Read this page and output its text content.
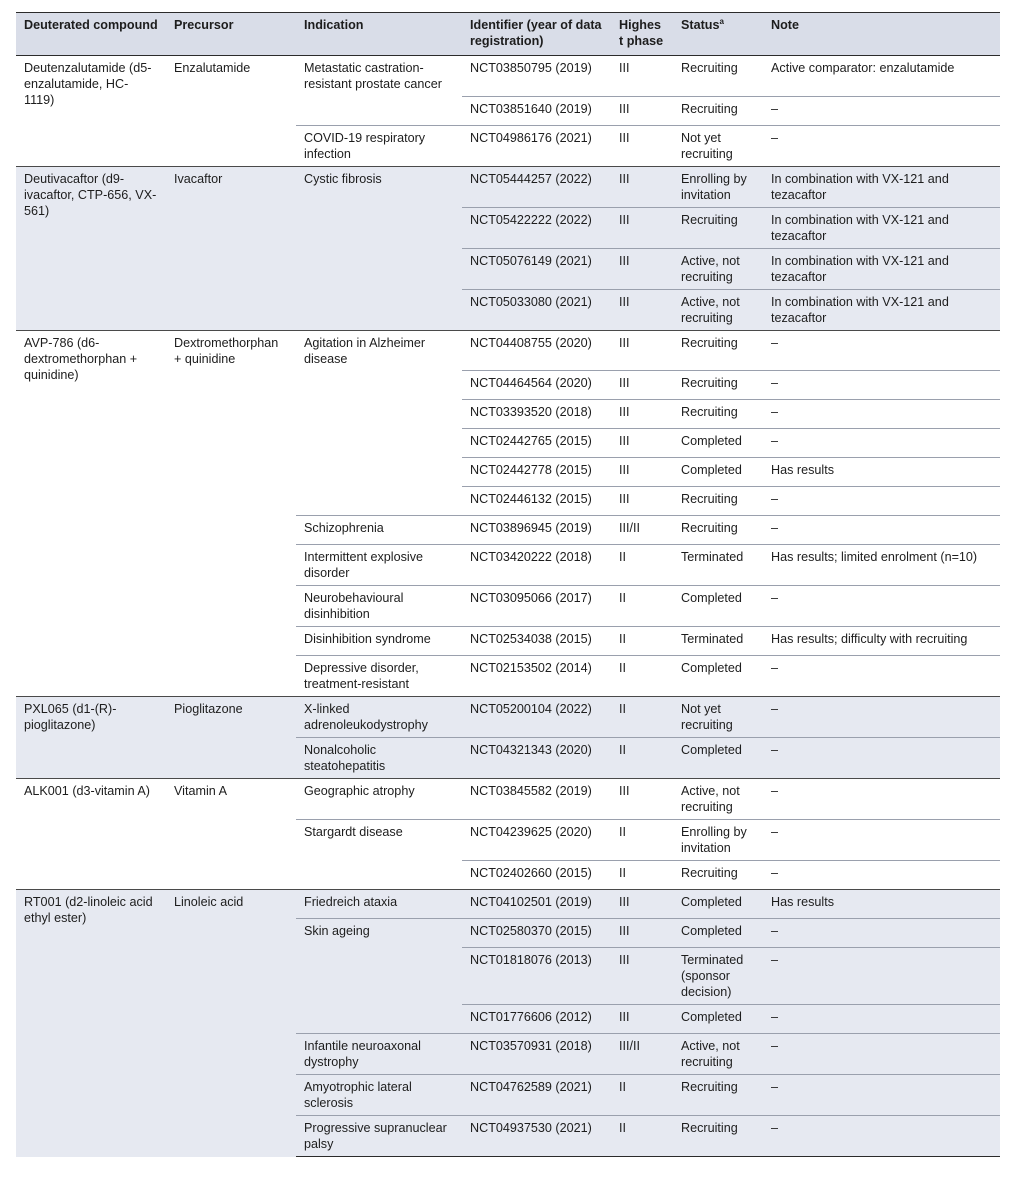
Deuterated compound	Precursor	Indication	Identifier (year of data registration)	Highest phase	Status$^a$	Note
Deutenzalutamide (d5-enzalutamide, HC-1119)	Enzalutamide	Metastatic castration-resistant prostate cancer	NCT03850795 (2019)	III	Recruiting	Active comparator: enzalutamide
			NCT03851640 (2019)	III	Recruiting	–
		COVID-19 respiratory infection	NCT04986176 (2021)	III	Not yet recruiting	–
Deutivacaftor (d9-ivacaftor, CTP-656, VX-561)	Ivacaftor	Cystic fibrosis	NCT05444257 (2022)	III	Enrolling by invitation	In combination with VX-121 and tezacaftor
			NCT05422222 (2022)	III	Recruiting	In combination with VX-121 and tezacaftor
			NCT05076149 (2021)	III	Active, not recruiting	In combination with VX-121 and tezacaftor
			NCT05033080 (2021)	III	Active, not recruiting	In combination with VX-121 and tezacaftor
AVP-786 (d6-dextromethorphan + quinidine)	Dextromethorphan + quinidine	Agitation in Alzheimer disease	NCT04408755 (2020)	III	Recruiting	–
			NCT04464564 (2020)	III	Recruiting	–
			NCT03393520 (2018)	III	Recruiting	–
			NCT02442765 (2015)	III	Completed	–
			NCT02442778 (2015)	III	Completed	Has results
			NCT02446132 (2015)	III	Recruiting	–
		Schizophrenia	NCT03896945 (2019)	III/II	Recruiting	–
		Intermittent explosive disorder	NCT03420222 (2018)	II	Terminated	Has results; limited enrolment (n=10)
		Neurobehavioural disinhibition	NCT03095066 (2017)	II	Completed	–
		Disinhibition syndrome	NCT02534038 (2015)	II	Terminated	Has results; difficulty with recruiting
		Depressive disorder, treatment-resistant	NCT02153502 (2014)	II	Completed	–
PXL065 (d1-(R)-pioglitazone)	Pioglitazone	X-linked adrenoleukodystrophy	NCT05200104 (2022)	II	Not yet recruiting	–
		Nonalcoholic steatohepatitis	NCT04321343 (2020)	II	Completed	–
ALK001 (d3-vitamin A)	Vitamin A	Geographic atrophy	NCT03845582 (2019)	III	Active, not recruiting	–
		Stargardt disease	NCT04239625 (2020)	II	Enrolling by invitation	–
			NCT02402660 (2015)	II	Recruiting	–
RT001 (d2-linoleic acid ethyl ester)	Linoleic acid	Friedreich ataxia	NCT04102501 (2019)	III	Completed	Has results
		Skin ageing	NCT02580370 (2015)	III	Completed	–
			NCT01818076 (2013)	III	Terminated (sponsor decision)	–
			NCT01776606 (2012)	III	Completed	–
		Infantile neuroaxonal dystrophy	NCT03570931 (2018)	III/II	Active, not recruiting	–
		Amyotrophic lateral sclerosis	NCT04762589 (2021)	II	Recruiting	–
		Progressive supranuclear palsy	NCT04937530 (2021)	II	Recruiting	–
